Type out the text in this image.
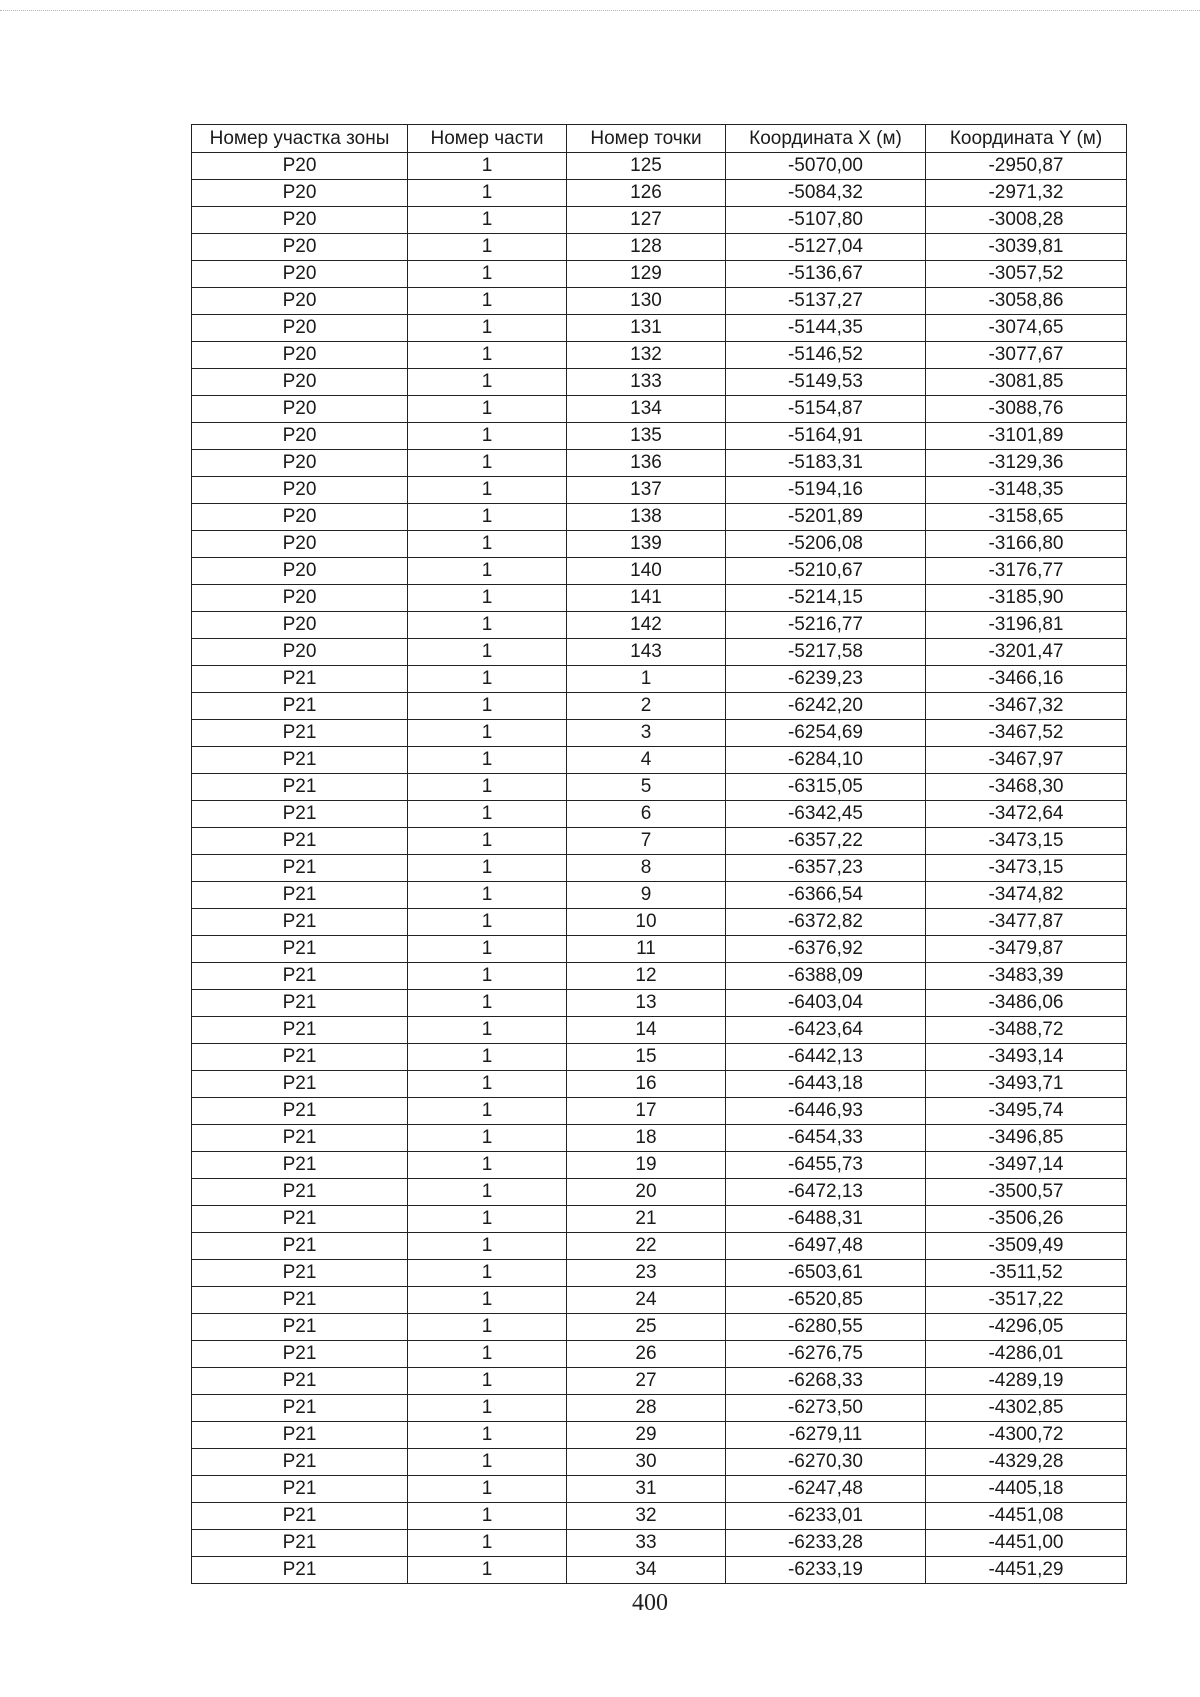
Номер участка зоны	Номер части	Номер точки	Координата X (м)	Координата Y (м)
Р20	1	125	-5070,00	-2950,87
Р20	1	126	-5084,32	-2971,32
Р20	1	127	-5107,80	-3008,28
Р20	1	128	-5127,04	-3039,81
Р20	1	129	-5136,67	-3057,52
Р20	1	130	-5137,27	-3058,86
Р20	1	131	-5144,35	-3074,65
Р20	1	132	-5146,52	-3077,67
Р20	1	133	-5149,53	-3081,85
Р20	1	134	-5154,87	-3088,76
Р20	1	135	-5164,91	-3101,89
Р20	1	136	-5183,31	-3129,36
Р20	1	137	-5194,16	-3148,35
Р20	1	138	-5201,89	-3158,65
Р20	1	139	-5206,08	-3166,80
Р20	1	140	-5210,67	-3176,77
Р20	1	141	-5214,15	-3185,90
Р20	1	142	-5216,77	-3196,81
Р20	1	143	-5217,58	-3201,47
Р21	1	1	-6239,23	-3466,16
Р21	1	2	-6242,20	-3467,32
Р21	1	3	-6254,69	-3467,52
Р21	1	4	-6284,10	-3467,97
Р21	1	5	-6315,05	-3468,30
Р21	1	6	-6342,45	-3472,64
Р21	1	7	-6357,22	-3473,15
Р21	1	8	-6357,23	-3473,15
Р21	1	9	-6366,54	-3474,82
Р21	1	10	-6372,82	-3477,87
Р21	1	11	-6376,92	-3479,87
Р21	1	12	-6388,09	-3483,39
Р21	1	13	-6403,04	-3486,06
Р21	1	14	-6423,64	-3488,72
Р21	1	15	-6442,13	-3493,14
Р21	1	16	-6443,18	-3493,71
Р21	1	17	-6446,93	-3495,74
Р21	1	18	-6454,33	-3496,85
Р21	1	19	-6455,73	-3497,14
Р21	1	20	-6472,13	-3500,57
Р21	1	21	-6488,31	-3506,26
Р21	1	22	-6497,48	-3509,49
Р21	1	23	-6503,61	-3511,52
Р21	1	24	-6520,85	-3517,22
Р21	1	25	-6280,55	-4296,05
Р21	1	26	-6276,75	-4286,01
Р21	1	27	-6268,33	-4289,19
Р21	1	28	-6273,50	-4302,85
Р21	1	29	-6279,11	-4300,72
Р21	1	30	-6270,30	-4329,28
Р21	1	31	-6247,48	-4405,18
Р21	1	32	-6233,01	-4451,08
Р21	1	33	-6233,28	-4451,00
Р21	1	34	-6233,19	-4451,29
400
